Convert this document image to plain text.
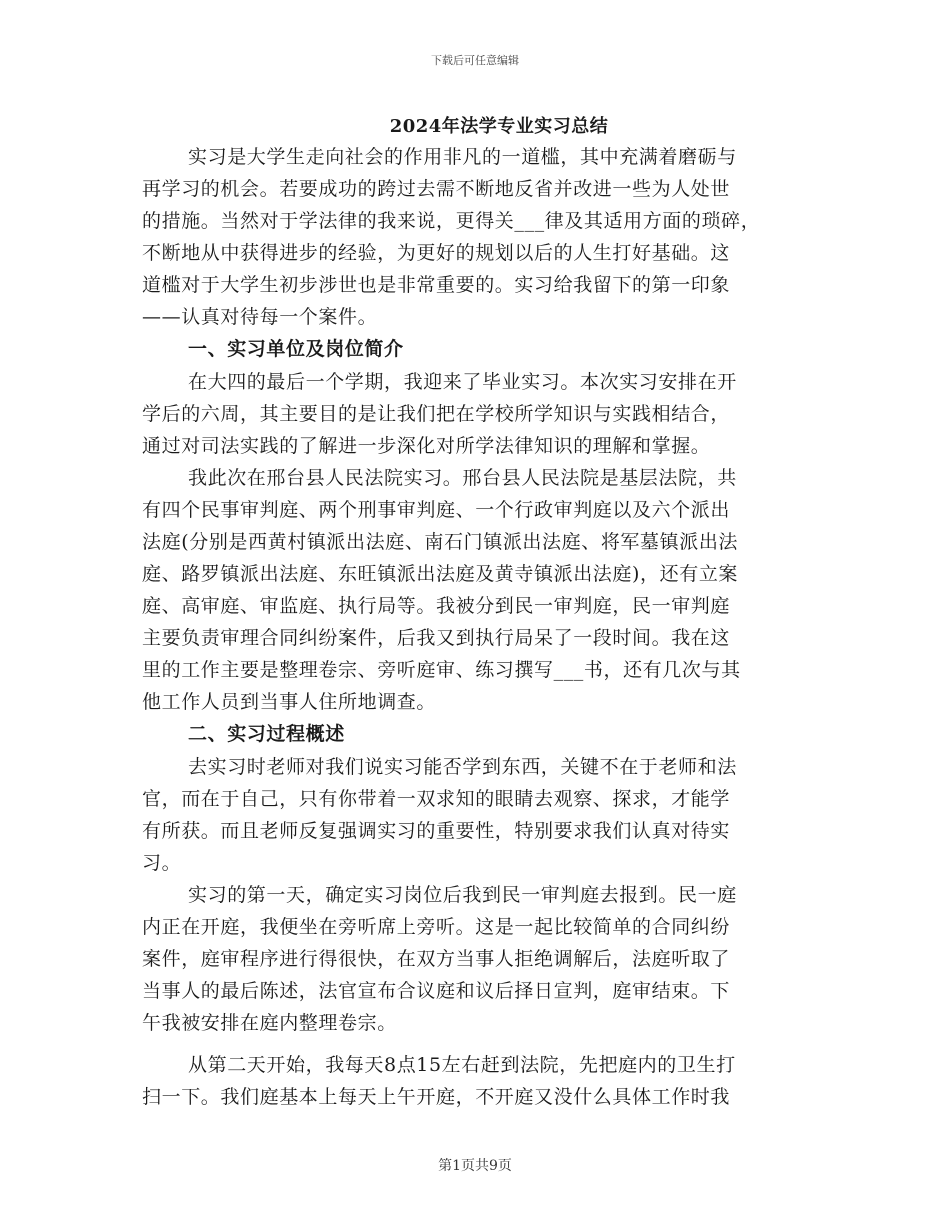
下载后可任意编辑
2024年法学专业实习总结
实习是大学生走向社会的作用非凡的一道槛，其中充满着磨砺与
再学习的机会。若要成功的跨过去需不断地反省并改进一些为人处世
的措施。当然对于学法律的我来说，更得关___律及其适用方面的琐碎，
不断地从中获得进步的经验，为更好的规划以后的人生打好基础。这
道槛对于大学生初步涉世也是非常重要的。实习给我留下的第一印象
——认真对待每一个案件。
一、实习单位及岗位简介
在大四的最后一个学期，我迎来了毕业实习。本次实习安排在开
学后的六周，其主要目的是让我们把在学校所学知识与实践相结合，
通过对司法实践的了解进一步深化对所学法律知识的理解和掌握。
我此次在邢台县人民法院实习。邢台县人民法院是基层法院，共
有四个民事审判庭、两个刑事审判庭、一个行政审判庭以及六个派出
法庭(分别是西黄村镇派出法庭、南石门镇派出法庭、将军墓镇派出法
庭、路罗镇派出法庭、东旺镇派出法庭及黄寺镇派出法庭)，还有立案
庭、高审庭、审监庭、执行局等。我被分到民一审判庭，民一审判庭
主要负责审理合同纠纷案件，后我又到执行局呆了一段时间。我在这
里的工作主要是整理卷宗、旁听庭审、练习撰写___书，还有几次与其
他工作人员到当事人住所地调查。
二、实习过程概述
去实习时老师对我们说实习能否学到东西，关键不在于老师和法
官，而在于自己，只有你带着一双求知的眼睛去观察、探求，才能学
有所获。而且老师反复强调实习的重要性，特别要求我们认真对待实
习。
实习的第一天，确定实习岗位后我到民一审判庭去报到。民一庭
内正在开庭，我便坐在旁听席上旁听。这是一起比较简单的合同纠纷
案件，庭审程序进行得很快，在双方当事人拒绝调解后，法庭听取了
当事人的最后陈述，法官宣布合议庭和议后择日宣判，庭审结束。下
午我被安排在庭内整理卷宗。
从第二天开始，我每天8点15左右赶到法院，先把庭内的卫生打
扫一下。我们庭基本上每天上午开庭，不开庭又没什么具体工作时我
第1页共9页
